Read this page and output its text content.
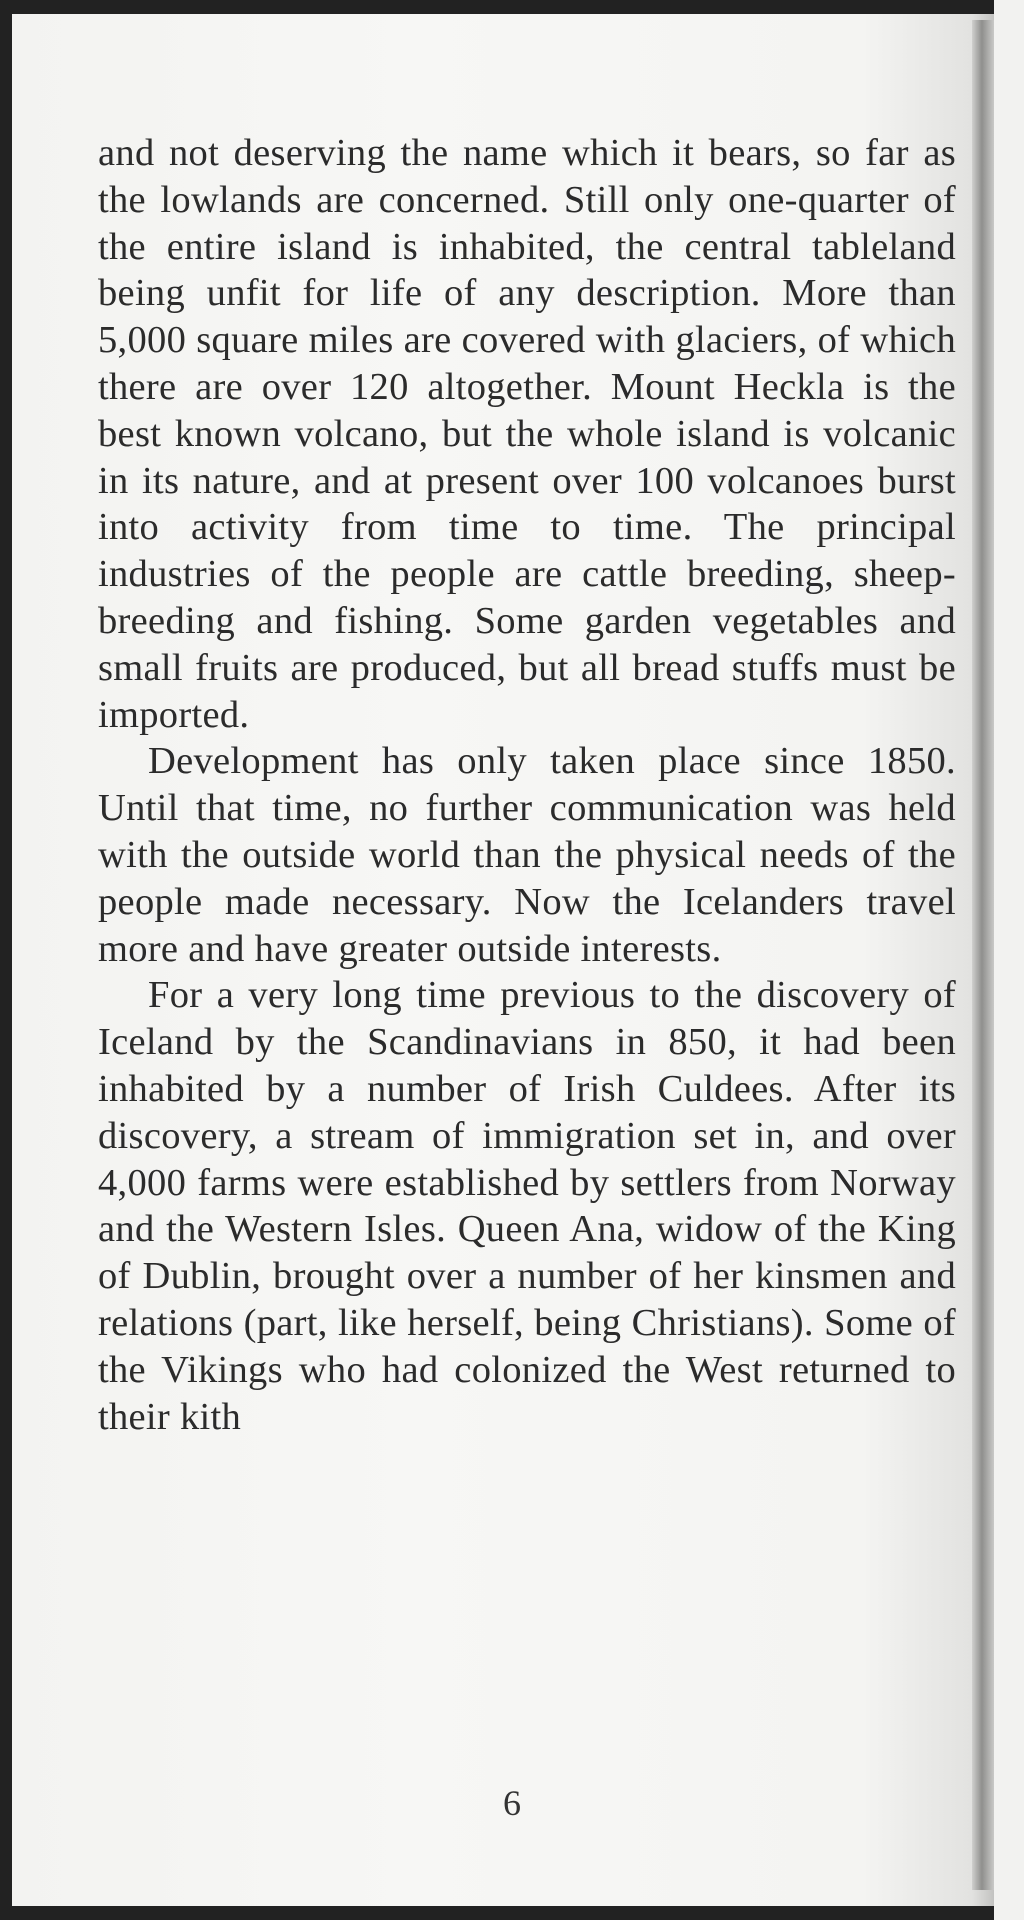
and not deserving the name which it bears, so far as the lowlands are concerned. Still only one-quarter of the entire island is inhabited, the central tableland being unfit for life of any description. More than 5,000 square miles are covered with glaciers, of which there are over 120 altogether. Mount Heckla is the best known volcano, but the whole island is volcanic in its nature, and at present over 100 volcanoes burst into activity from time to time. The principal industries of the people are cattle breeding, sheep-breeding and fishing. Some garden vegetables and small fruits are produced, but all bread stuffs must be imported.

Development has only taken place since 1850. Until that time, no further communication was held with the outside world than the physical needs of the people made necessary. Now the Icelanders travel more and have greater outside interests.

For a very long time previous to the discovery of Iceland by the Scandinavians in 850, it had been inhabited by a number of Irish Culdees. After its discovery, a stream of immigration set in, and over 4,000 farms were established by settlers from Norway and the Western Isles. Queen Ana, widow of the King of Dublin, brought over a number of her kinsmen and relations (part, like herself, being Christians). Some of the Vikings who had colonized the West returned to their kith

6
